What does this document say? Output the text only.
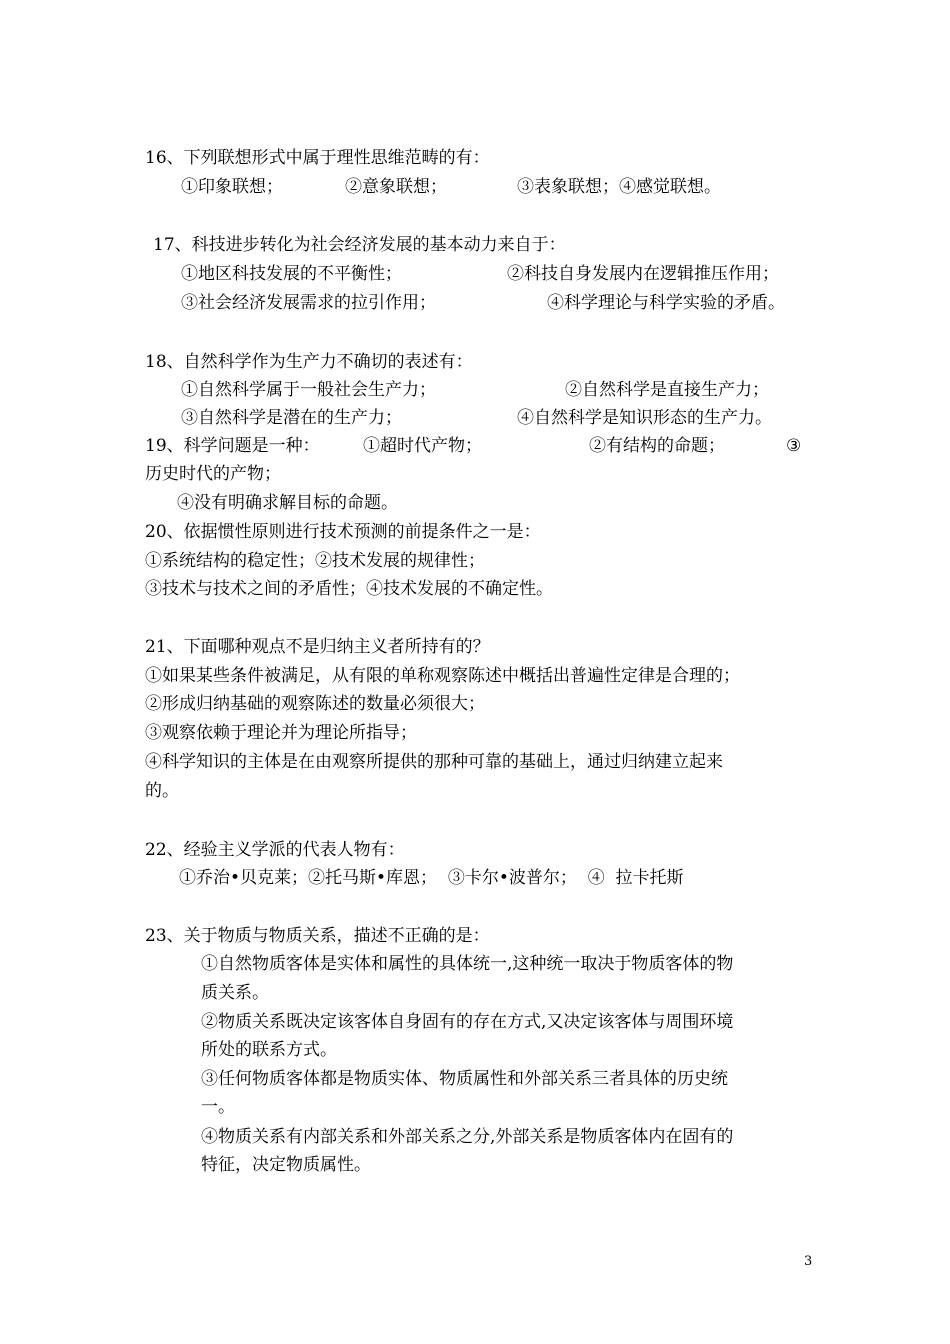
16、下列联想形式中属于理性思维范畴的有：
①印象联想；	②意象联想；	③表象联想；④感觉联想。
17、科技进步转化为社会经济发展的基本动力来自于：
①地区科技发展的不平衡性；	②科技自身发展内在逻辑推压作用；
③社会经济发展需求的拉引作用；	④科学理论与科学实验的矛盾。
18、自然科学作为生产力不确切的表述有：
①自然科学属于一般社会生产力；	②自然科学是直接生产力；
③自然科学是潜在的生产力；	④自然科学是知识形态的生产力。
19、科学问题是一种：	①超时代产物；	②有结构的命题；	③
历史时代的产物；
④没有明确求解目标的命题。
20、依据惯性原则进行技术预测的前提条件之一是：
①系统结构的稳定性；②技术发展的规律性；
③技术与技术之间的矛盾性；④技术发展的不确定性。
21、下面哪种观点不是归纳主义者所持有的？
①如果某些条件被满足，从有限的单称观察陈述中概括出普遍性定律是合理的；
②形成归纳基础的观察陈述的数量必须很大；
③观察依赖于理论并为理论所指导；
④科学知识的主体是在由观察所提供的那种可靠的基础上，通过归纳建立起来
的。
22、经验主义学派的代表人物有：
①乔治•贝克莱；②托马斯•库恩；  ③卡尔•波普尔；  ④  拉卡托斯
23、关于物质与物质关系，描述不正确的是：
①自然物质客体是实体和属性的具体统一,这种统一取决于物质客体的物
质关系。
②物质关系既决定该客体自身固有的存在方式,又决定该客体与周围环境
所处的联系方式。
③任何物质客体都是物质实体、物质属性和外部关系三者具体的历史统
一。
④物质关系有内部关系和外部关系之分,外部关系是物质客体内在固有的
特征，决定物质属性。
3
